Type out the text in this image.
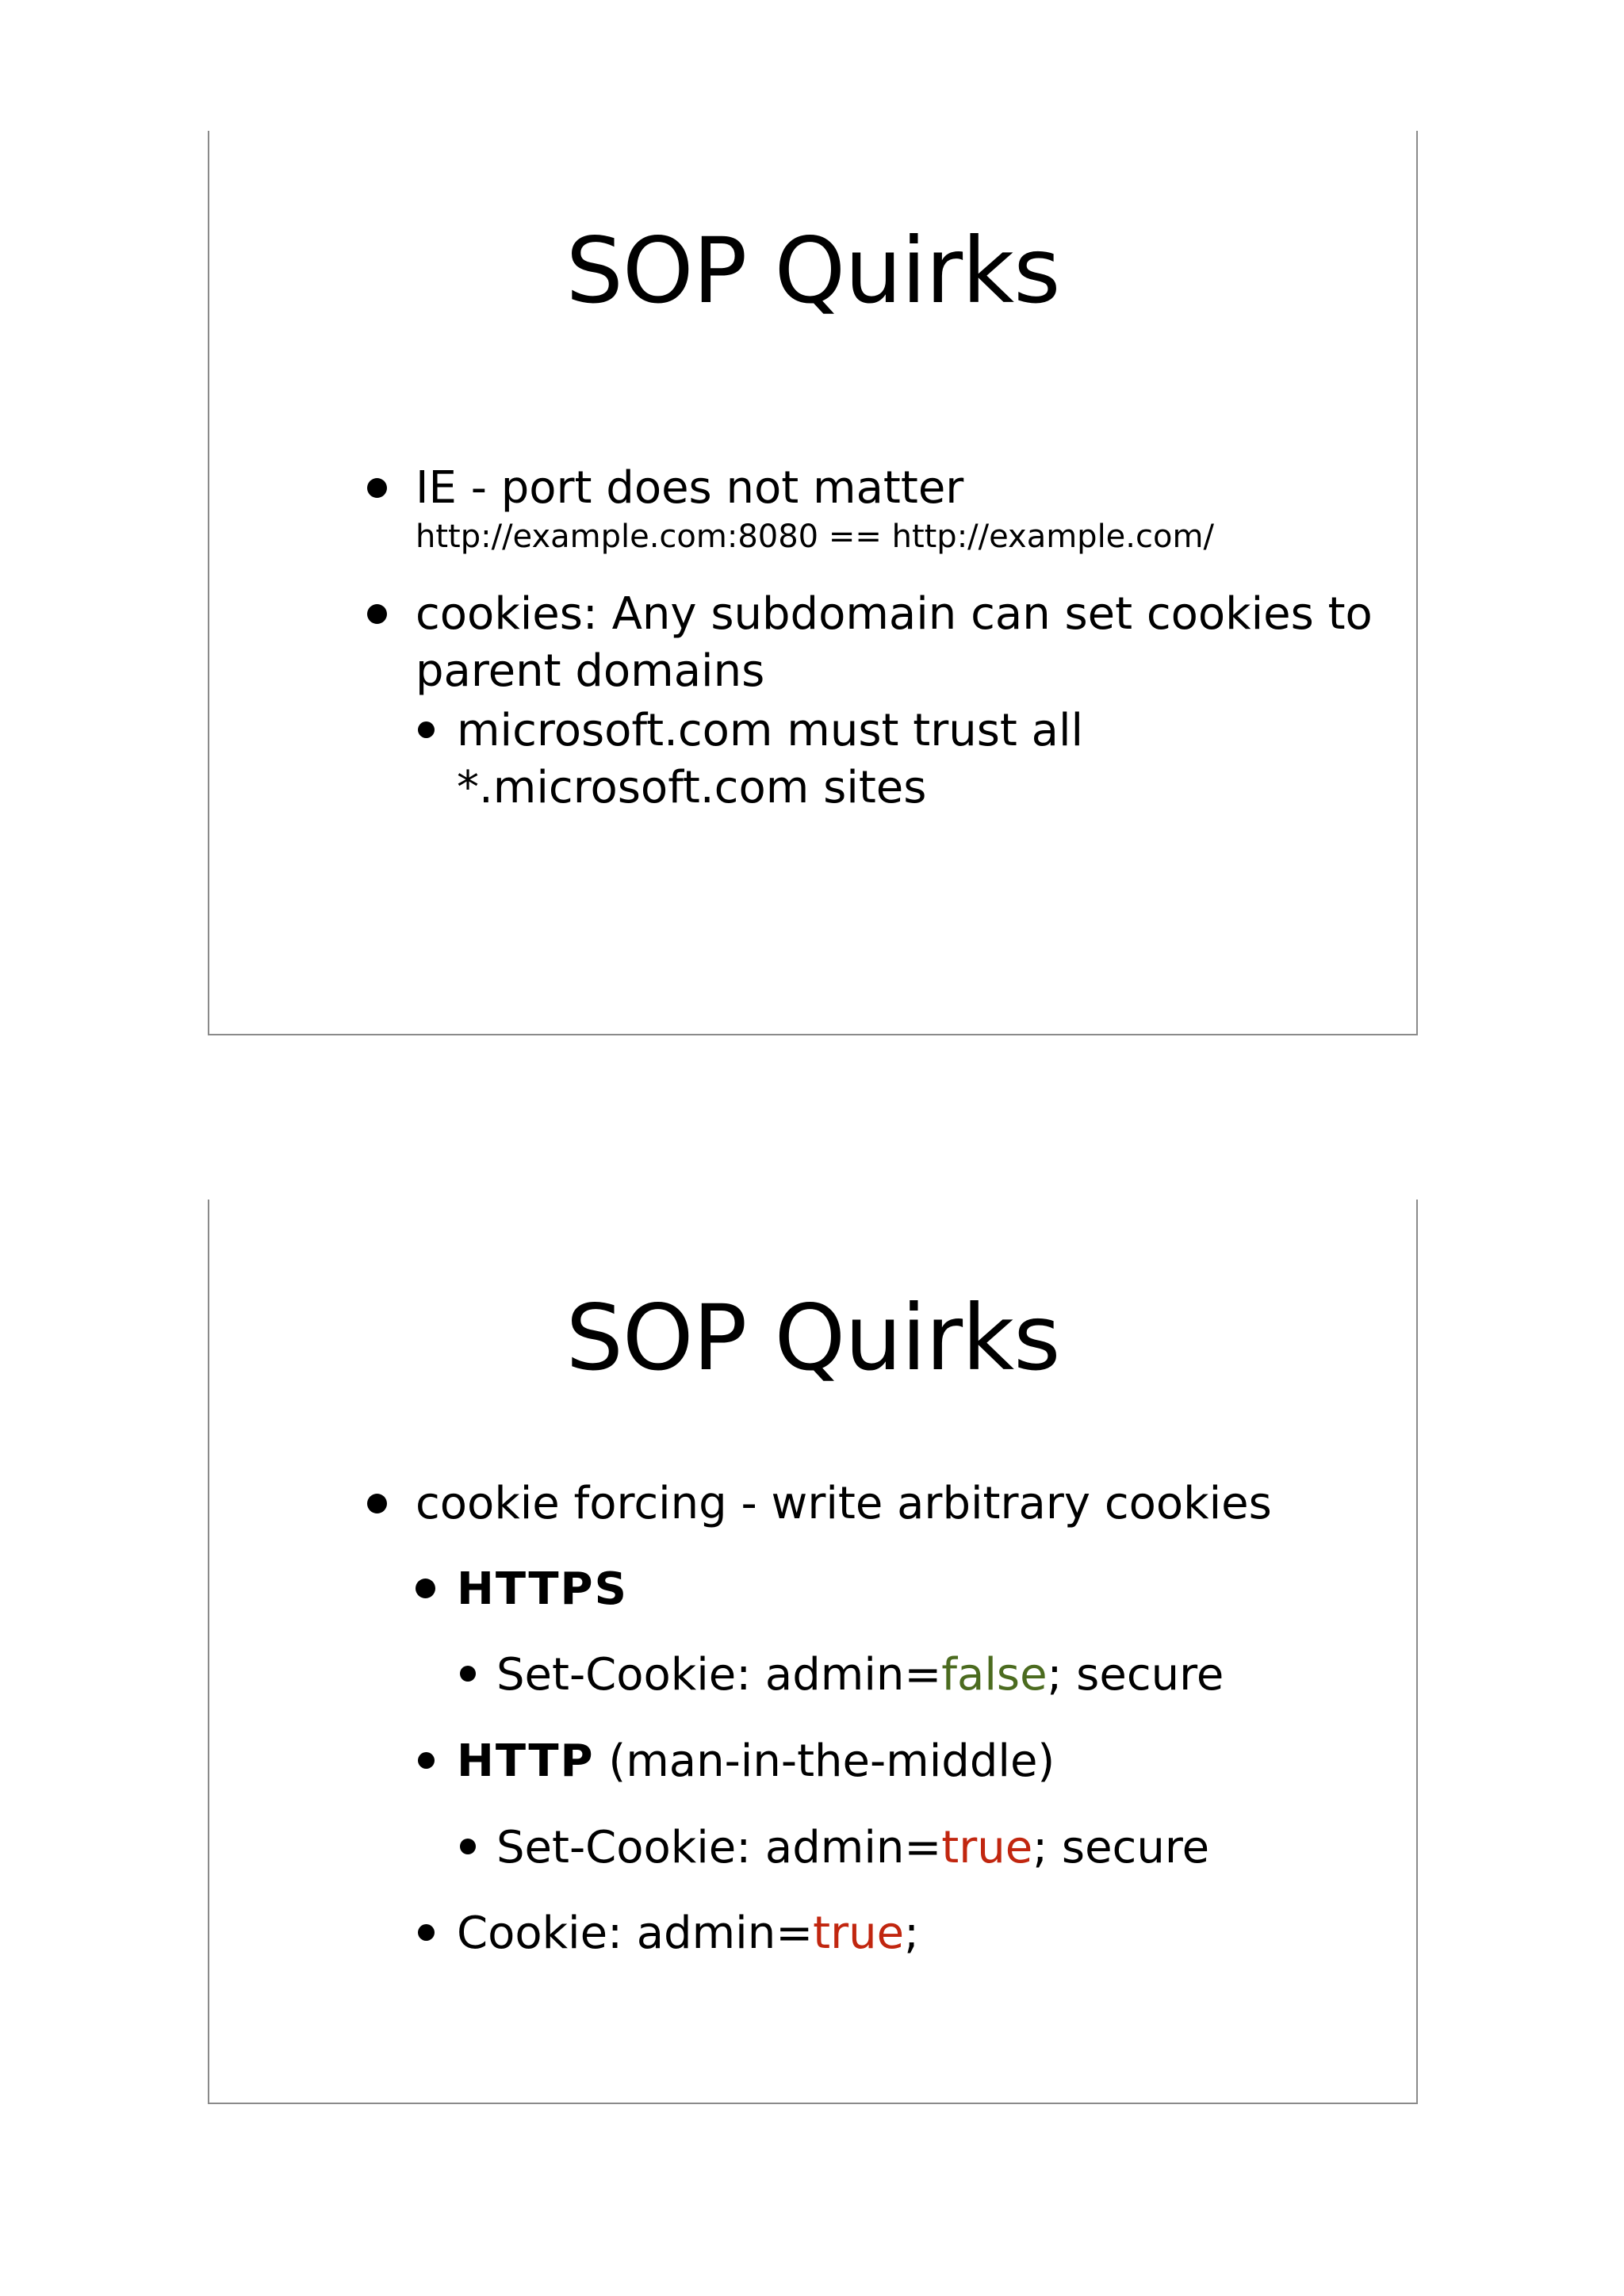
SOP Quirks
IE - port does not matter
http://example.com:8080 == http://example.com/
cookies: Any subdomain can set cookies to
parent domains
microsoft.com must trust all
*.microsoft.com sites
SOP Quirks
cookie forcing - write arbitrary cookies
HTTPS
Set-Cookie: admin=false; secure
HTTP (man-in-the-middle)
Set-Cookie: admin=true; secure
Cookie: admin=true;
